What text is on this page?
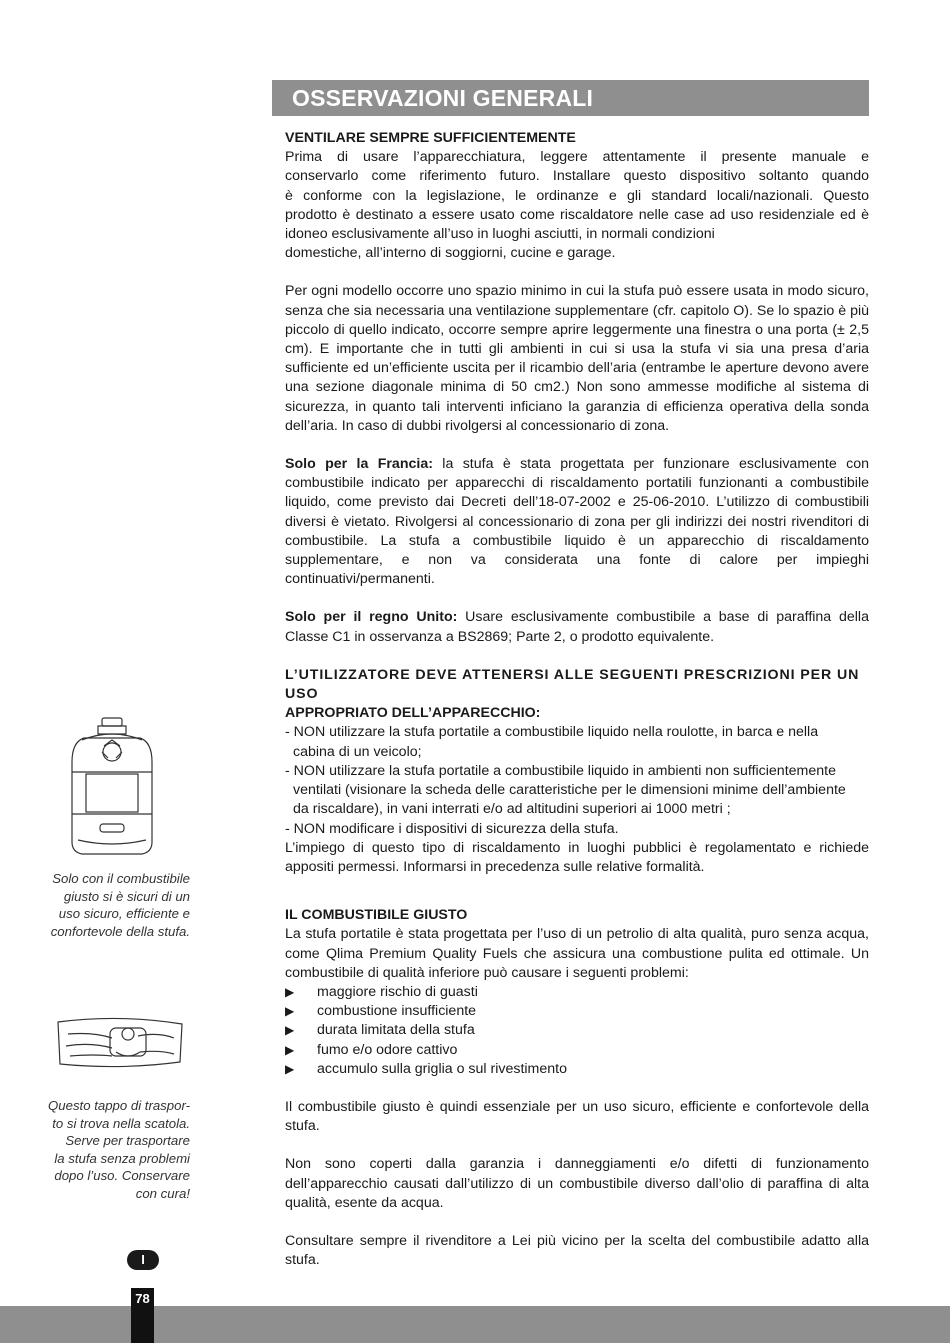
OSSERVAZIONI GENERALI
VENTILARE SEMPRE SUFFICIENTEMENTE

Prima di usare l’apparecchiatura, leggere attentamente il presente manuale e

conservarlo come riferimento futuro. Installare questo dispositivo soltanto quando

è conforme con la legislazione, le ordinanze e gli standard locali/nazionali. Questo

prodotto è destinato a essere usato come riscaldatore nelle case ad uso residenziale ed è

idoneo esclusivamente all’uso in luoghi asciutti, in normali condizioni

domestiche, all’interno di soggiorni, cucine e garage.

Per ogni modello occorre uno spazio minimo in cui la stufa può essere usata in modo sicuro, senza che sia necessaria una ventilazione supplementare (cfr. capitolo O). Se lo spazio è più piccolo di quello indicato, occorre sempre aprire leggermente una finestra o una porta (± 2,5 cm). E importante che in tutti gli ambienti in cui si usa la stufa vi sia una presa d’aria sufficiente ed un’efficiente uscita per il ricambio dell’aria (entrambe le aperture devono avere una sezione diagonale minima di 50 cm2.) Non sono ammesse modifiche al sistema di sicurezza, in quanto tali interventi inficiano la garanzia di efficienza operativa della sonda dell’aria. In caso di dubbi rivolgersi al concessionario di zona.

Solo per la Francia: la stufa è stata progettata per funzionare esclusivamente con combustibile indicato per apparecchi di riscaldamento portatili funzionanti a combustibile liquido, come previsto dai Decreti dell’18-07-2002 e 25-06-2010. L’utilizzo di combustibili diversi è vietato. Rivolgersi al concessionario di zona per gli indirizzi dei nostri rivenditori di combustibile. La stufa a combustibile liquido è un apparecchio di riscaldamento supplementare, e non va considerata una fonte di calore per impieghi continuativi/permanenti.

Solo per il regno Unito: Usare esclusivamente combustibile a base di paraffina della Classe C1 in osservanza a BS2869; Parte 2, o prodotto equivalente.

L’UTILIZZATORE DEVE ATTENERSI ALLE SEGUENTI PRESCRIZIONI PER UN USO
APPROPRIATO DELL’APPARECCHIO:

- NON utilizzare la stufa portatile a combustibile liquido nella roulotte, in barca e nella

cabina di un veicolo;

- NON utilizzare la stufa portatile a combustibile liquido in ambienti non sufficientemente

ventilati (visionare la scheda delle caratteristiche per le dimensioni minime dell’ambiente

da riscaldare), in vani interrati e/o ad altitudini superiori ai 1000 metri ;

- NON modificare i dispositivi di sicurezza della stufa.

L’impiego di questo tipo di riscaldamento in luoghi pubblici è regolamentato e richiede appositi permessi. Informarsi in precedenza sulle relative formalità.

IL COMBUSTIBILE GIUSTO

La stufa portatile è stata progettata per l’uso di un petrolio di alta qualità, puro senza acqua, come Qlima Premium Quality Fuels che assicura una combustione pulita ed ottimale. Un combustibile di qualità inferiore può causare i seguenti problemi:

▶	maggiore rischio di guasti
▶	combustione insufficiente
▶	durata limitata della stufa
▶	fumo e/o odore cattivo
▶	accumulo sulla griglia o sul rivestimento

Il combustibile giusto è quindi essenziale per un uso sicuro, efficiente e confortevole della stufa.

Non sono coperti dalla garanzia i danneggiamenti e/o difetti di funzionamento dell’apparecchio causati dall’utilizzo di un combustibile diverso dall’olio di paraffina di alta qualità, esente da acqua.

Consultare sempre il rivenditore a Lei più vicino per la scelta del combustibile adatto alla stufa.

Solo con il combustibile
giusto si è sicuri di un
uso sicuro, efficiente e
confortevole della stufa.
Questo tappo di traspor-
to si trova nella scatola.
Serve per trasportare
la stufa senza problemi
dopo l’uso. Conservare
con cura!
I
78
